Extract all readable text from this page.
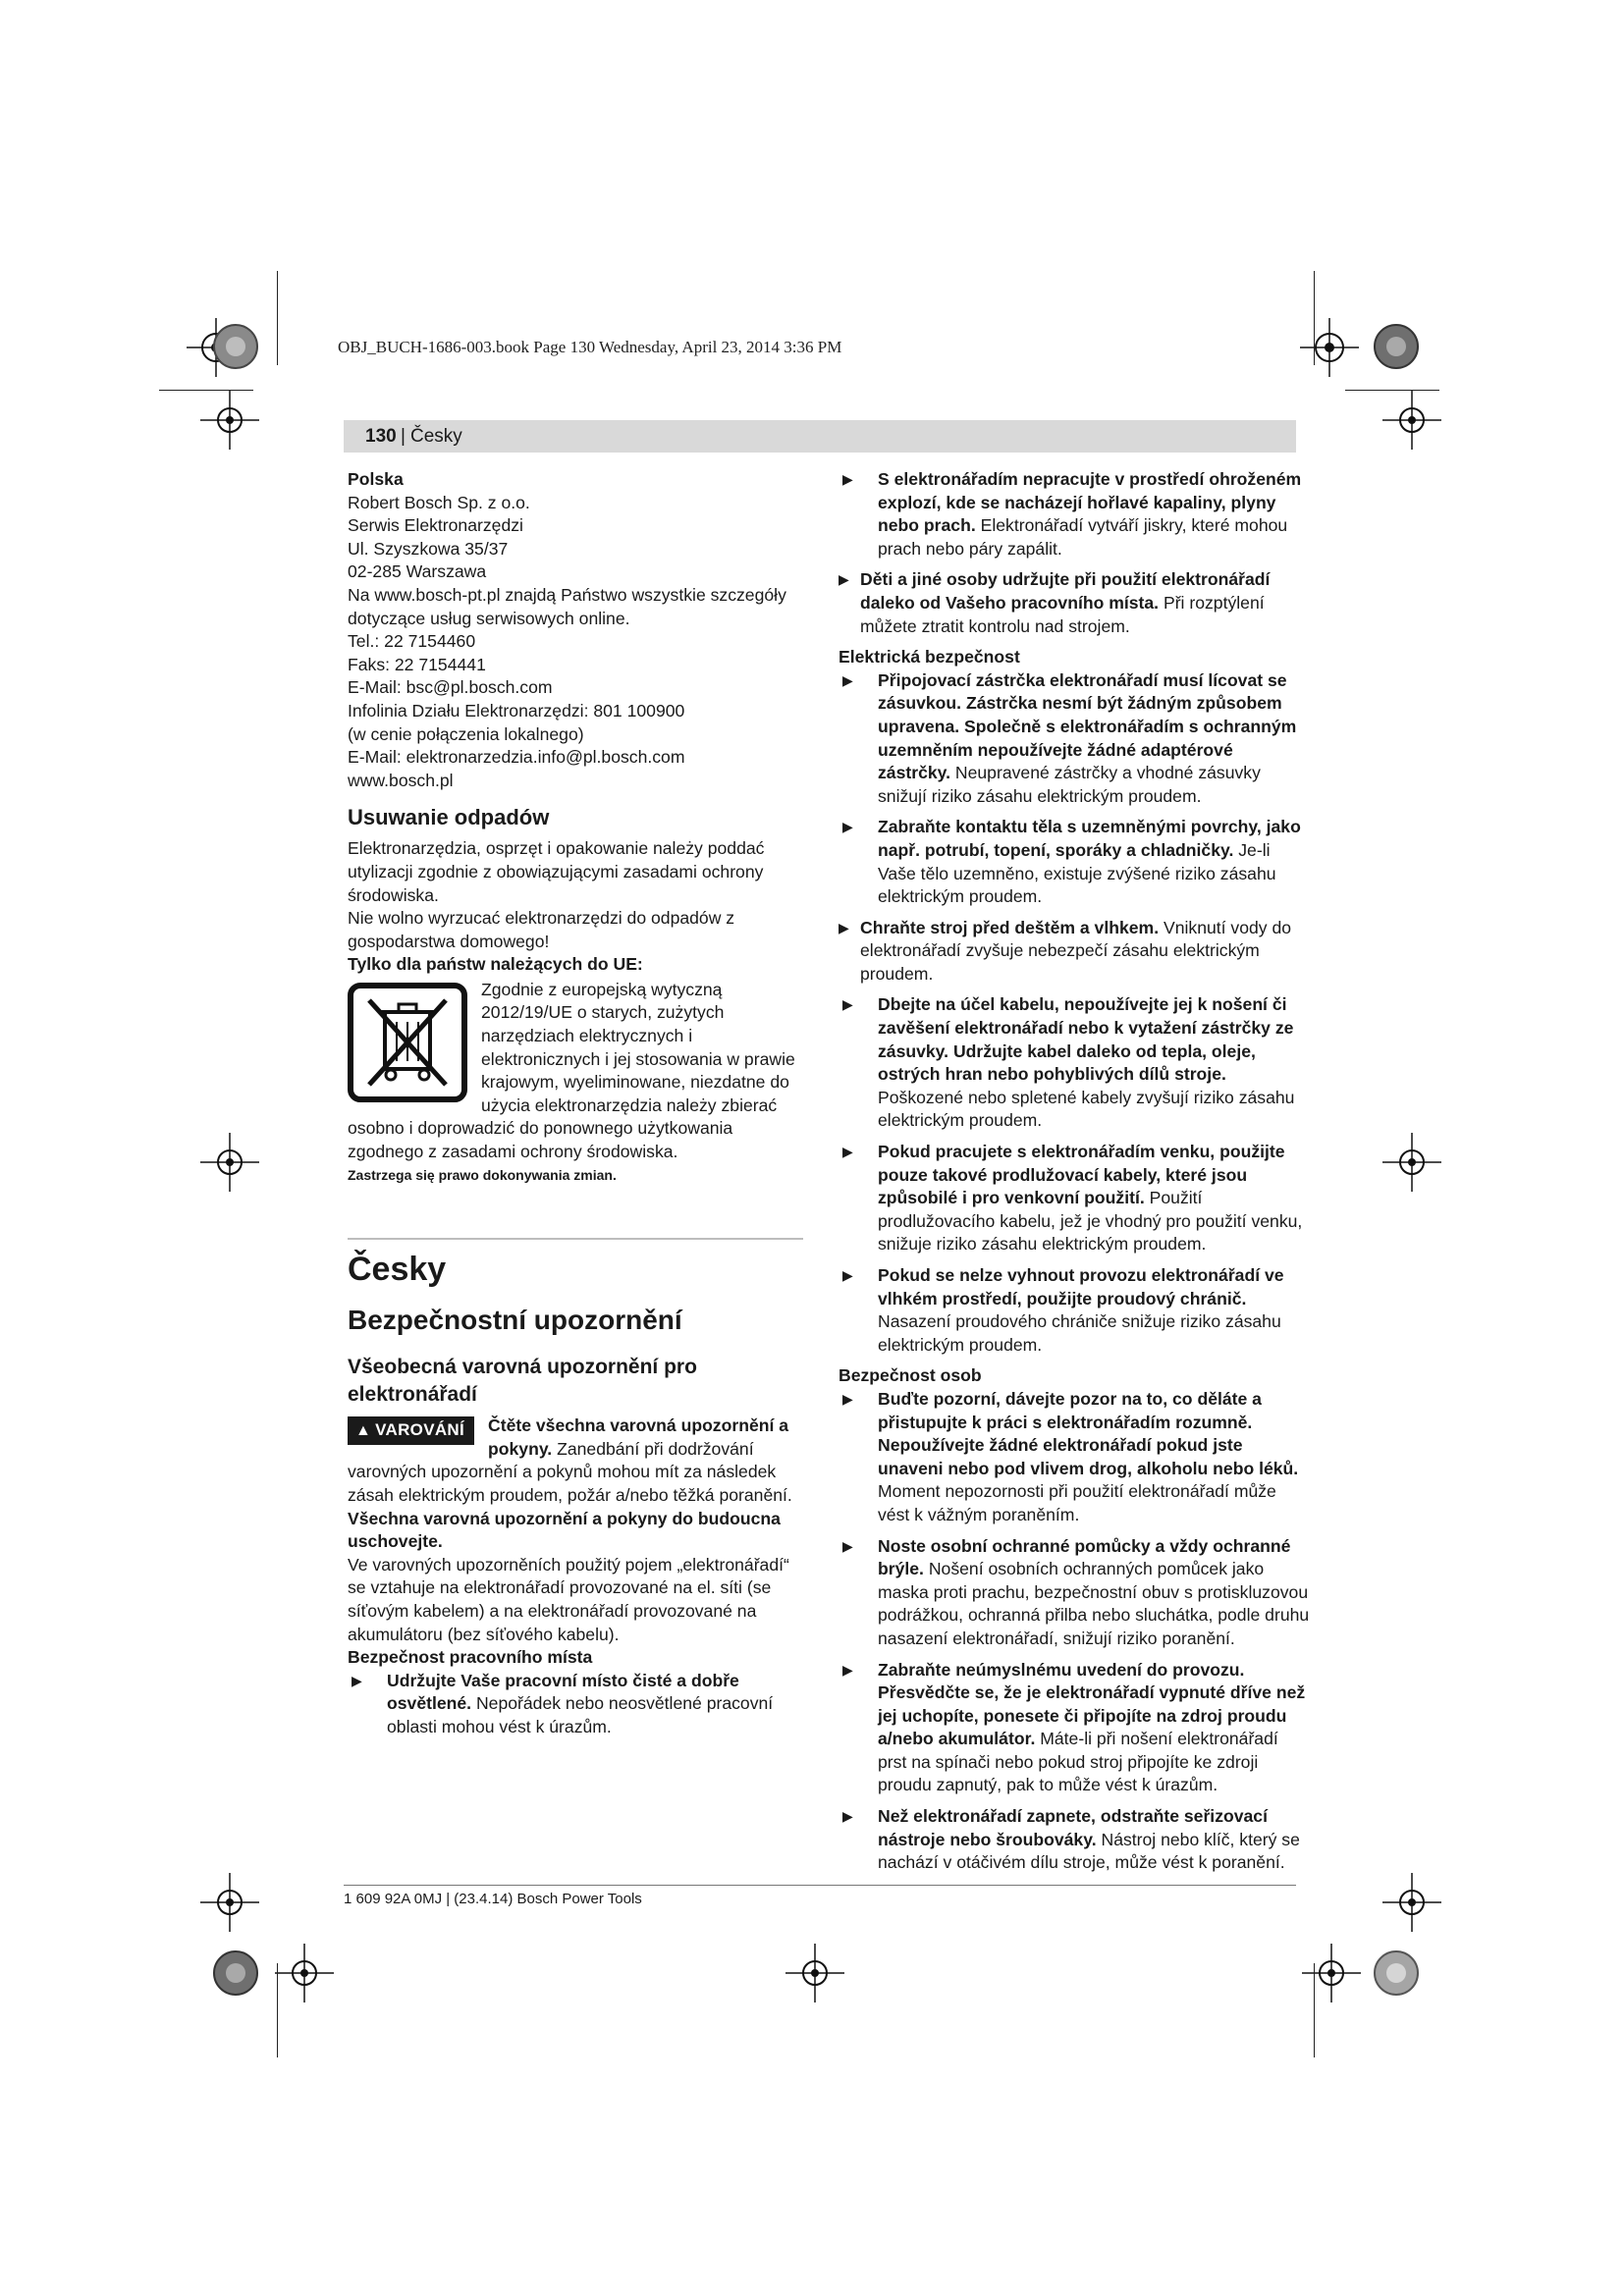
OBJ_BUCH-1686-003.book Page 130 Wednesday, April 23, 2014 3:36 PM
130 | Česky

Polska

Robert Bosch Sp. z o.o.
Serwis Elektronarzędzi
Ul. Szyszkowa 35/37
02-285 Warszawa
Na www.bosch-pt.pl znajdą Państwo wszystkie szczegóły
dotyczące usług serwisowych online.
Tel.: 22 7154460
Faks: 22 7154441
E-Mail: bsc@pl.bosch.com
Infolinia Działu Elektronarzędzi: 801 100900
(w cenie połączenia lokalnego)
E-Mail: elektronarzedzia.info@pl.bosch.com
www.bosch.pl
Usuwanie odpadów

Elektronarzędzia, osprzęt i opakowanie należy poddać utylizacji zgodnie z obowiązującymi zasadami ochrony środowiska.

Nie wolno wyrzucać elektronarzędzi do odpadów z gospodarstwa domowego!

Tylko dla państw należących do UE:

Zgodnie z europejską wytyczną 2012/19/UE o starych, zużytych narzędziach elektrycznych i elektronicznych i jej stosowania w prawie krajowym, wyeliminowane, niezdatne do użycia elektronarzędzia należy zbierać osobno i doprowadzić do ponownego użytkowania zgodnego z zasadami ochrony środowiska.

Zastrzega się prawo dokonywania zmian.

Česky
Bezpečnostní upozornění
Všeobecná varovná upozornění pro elektronářadí
▲ VAROVÁNÍ	Čtěte všechna varovná upozornění a pokyny. Zanedbání při dodržování varovných upozornění a pokynů mohou mít za následek zásah elektrickým proudem, požár a/nebo těžká poranění.

Všechna varovná upozornění a pokyny do budoucna uschovejte.

Ve varovných upozorněních použitý pojem „elektronářadí“ se vztahuje na elektronářadí provozované na el. síti (se síťovým kabelem) a na elektronářadí provozované na akumulátoru (bez síťového kabelu).

Bezpečnost pracovního místa

▶ Udržujte Vaše pracovní místo čisté a dobře osvětlené. Nepořádek nebo neosvětlené pracovní oblasti mohou vést k úrazům.
▶ S elektronářadím nepracujte v prostředí ohroženém explozí, kde se nacházejí hořlavé kapaliny, plyny nebo prach. Elektronářadí vytváří jiskry, které mohou prach nebo páry zapálit.
▶ Děti a jiné osoby udržujte při použití elektronářadí daleko od Vašeho pracovního místa. Při rozptýlení můžete ztratit kontrolu nad strojem.

Elektrická bezpečnost

▶ Připojovací zástrčka elektronářadí musí lícovat se zásuvkou. Zástrčka nesmí být žádným způsobem upravena. Společně s elektronářadím s ochranným uzemněním nepoužívejte žádné adaptérové zástrčky. Neupravené zástrčky a vhodné zásuvky snižují riziko zásahu elektrickým proudem.
▶ Zabraňte kontaktu těla s uzemněnými povrchy, jako např. potrubí, topení, sporáky a chladničky. Je-li Vaše tělo uzemněno, existuje zvýšené riziko zásahu elektrickým proudem.
▶ Chraňte stroj před deštěm a vlhkem. Vniknutí vody do elektronářadí zvyšuje nebezpečí zásahu elektrickým proudem.
▶ Dbejte na účel kabelu, nepoužívejte jej k nošení či zavěšení elektronářadí nebo k vytažení zástrčky ze zásuvky. Udržujte kabel daleko od tepla, oleje, ostrých hran nebo pohyblivých dílů stroje. Poškozené nebo spletené kabely zvyšují riziko zásahu elektrickým proudem.
▶ Pokud pracujete s elektronářadím venku, použijte pouze takové prodlužovací kabely, které jsou způsobilé i pro venkovní použití. Použití prodlužovacího kabelu, jež je vhodný pro použití venku, snižuje riziko zásahu elektrickým proudem.
▶ Pokud se nelze vyhnout provozu elektronářadí ve vlhkém prostředí, použijte proudový chránič. Nasazení proudového chrániče snižuje riziko zásahu elektrickým proudem.

Bezpečnost osob

▶ Buďte pozorní, dávejte pozor na to, co děláte a přistupujte k práci s elektronářadím rozumně. Nepoužívejte žádné elektronářadí pokud jste unaveni nebo pod vlivem drog, alkoholu nebo léků. Moment nepozornosti při použití elektronářadí může vést k vážným poraněním.
▶ Noste osobní ochranné pomůcky a vždy ochranné brýle. Nošení osobních ochranných pomůcek jako maska proti prachu, bezpečnostní obuv s protiskluzovou podrážkou, ochranná přilba nebo sluchátka, podle druhu nasazení elektronářadí, snižují riziko poranění.
▶ Zabraňte neúmyslnému uvedení do provozu. Přesvědčte se, že je elektronářadí vypnuté dříve než jej uchopíte, ponesete či připojíte na zdroj proudu a/nebo akumulátor. Máte-li při nošení elektronářadí prst na spínači nebo pokud stroj připojíte ke zdroji proudu zapnutý, pak to může vést k úrazům.
▶ Než elektronářadí zapnete, odstraňte seřizovací nástroje nebo šroubováky. Nástroj nebo klíč, který se nachází v otáčivém dílu stroje, může vést k poranění.
1 609 92A 0MJ | (23.4.14) Bosch Power Tools
